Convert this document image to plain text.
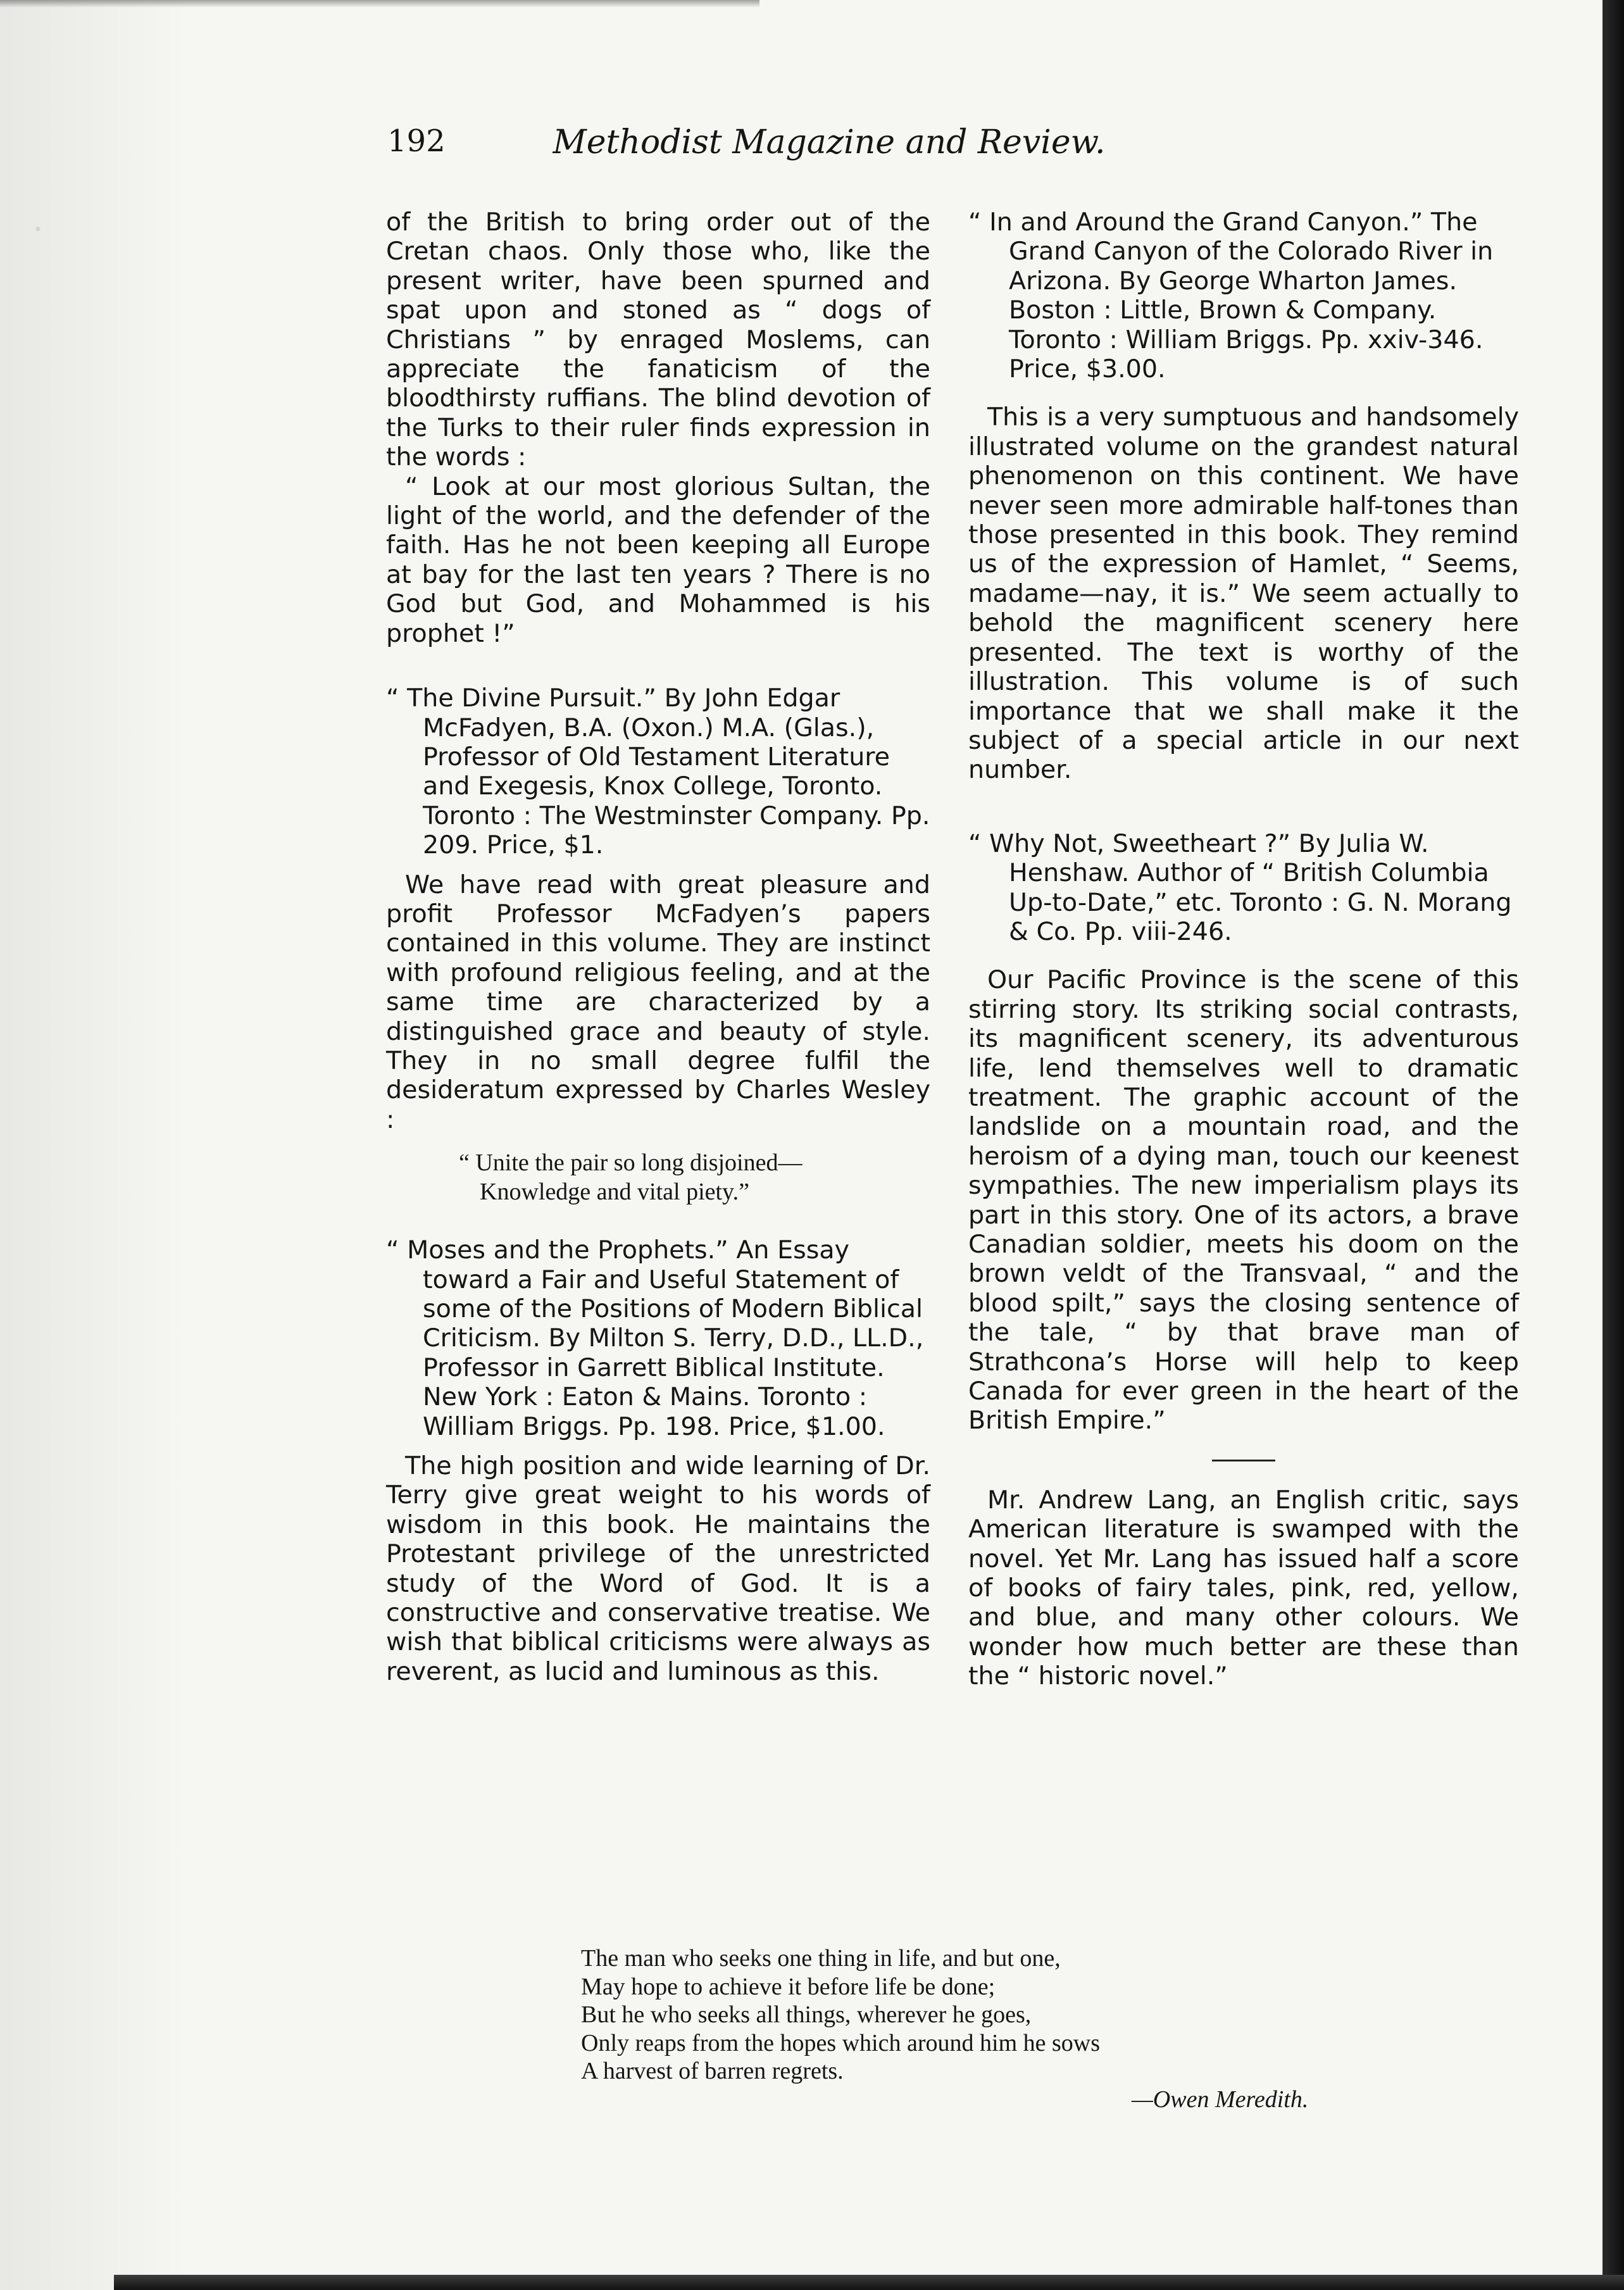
192	Methodist Magazine and Review.

of the British to bring order out of the Cretan chaos. Only those who, like the present writer, have been spurned and spat upon and stoned as “ dogs of Christians ” by enraged Moslems, can appreciate the fanaticism of the bloodthirsty ruffians. The blind devotion of the Turks to their ruler finds expression in the words :

“ Look at our most glorious Sultan, the light of the world, and the defender of the faith. Has he not been keeping all Europe at bay for the last ten years ? There is no God but God, and Mohammed is his prophet !”

“ The Divine Pursuit.” By John Edgar McFadyen, B.A. (Oxon.) M.A. (Glas.), Professor of Old Testament Literature and Exegesis, Knox College, Toronto. Toronto : The Westminster Company. Pp. 209. Price, $1.

We have read with great pleasure and profit Professor McFadyen’s papers contained in this volume. They are instinct with profound religious feeling, and at the same time are characterized by a distinguished grace and beauty of style. They in no small degree fulfil the desideratum expressed by Charles Wesley :

“ Unite the pair so long disjoined—

Knowledge and vital piety.”

“ Moses and the Prophets.” An Essay toward a Fair and Useful Statement of some of the Positions of Modern Biblical Criticism. By Milton S. Terry, D.D., LL.D., Professor in Garrett Biblical Institute. New York : Eaton & Mains. Toronto : William Briggs. Pp. 198. Price, $1.00.

The high position and wide learning of Dr. Terry give great weight to his words of wisdom in this book. He maintains the Protestant privilege of the unrestricted study of the Word of God. It is a constructive and conservative treatise. We wish that biblical criticisms were always as reverent, as lucid and luminous as this.

“ In and Around the Grand Canyon.” The Grand Canyon of the Colorado River in Arizona. By George Wharton James. Boston : Little, Brown & Company. Toronto : William Briggs. Pp. xxiv-346. Price, $3.00.

This is a very sumptuous and handsomely illustrated volume on the grandest natural phenomenon on this continent. We have never seen more admirable half-tones than those presented in this book. They remind us of the expression of Hamlet, “ Seems, madame—nay, it is.” We seem actually to behold the magnificent scenery here presented. The text is worthy of the illustration. This volume is of such importance that we shall make it the subject of a special article in our next number.

“ Why Not, Sweetheart ?” By Julia W. Henshaw. Author of “ British Columbia Up-to-Date,” etc. Toronto : G. N. Morang & Co. Pp. viii-246.

Our Pacific Province is the scene of this stirring story. Its striking social contrasts, its magnificent scenery, its adventurous life, lend themselves well to dramatic treatment. The graphic account of the landslide on a mountain road, and the heroism of a dying man, touch our keenest sympathies. The new imperialism plays its part in this story. One of its actors, a brave Canadian soldier, meets his doom on the brown veldt of the Transvaal, “ and the blood spilt,” says the closing sentence of the tale, “ by that brave man of Strathcona’s Horse will help to keep Canada for ever green in the heart of the British Empire.”

Mr. Andrew Lang, an English critic, says American literature is swamped with the novel. Yet Mr. Lang has issued half a score of books of fairy tales, pink, red, yellow, and blue, and many other colours. We wonder how much better are these than the “ historic novel.”

The man who seeks one thing in life, and but one,

May hope to achieve it before life be done;

But he who seeks all things, wherever he goes,

Only reaps from the hopes which around him he sows

A harvest of barren regrets.

—Owen Meredith.
